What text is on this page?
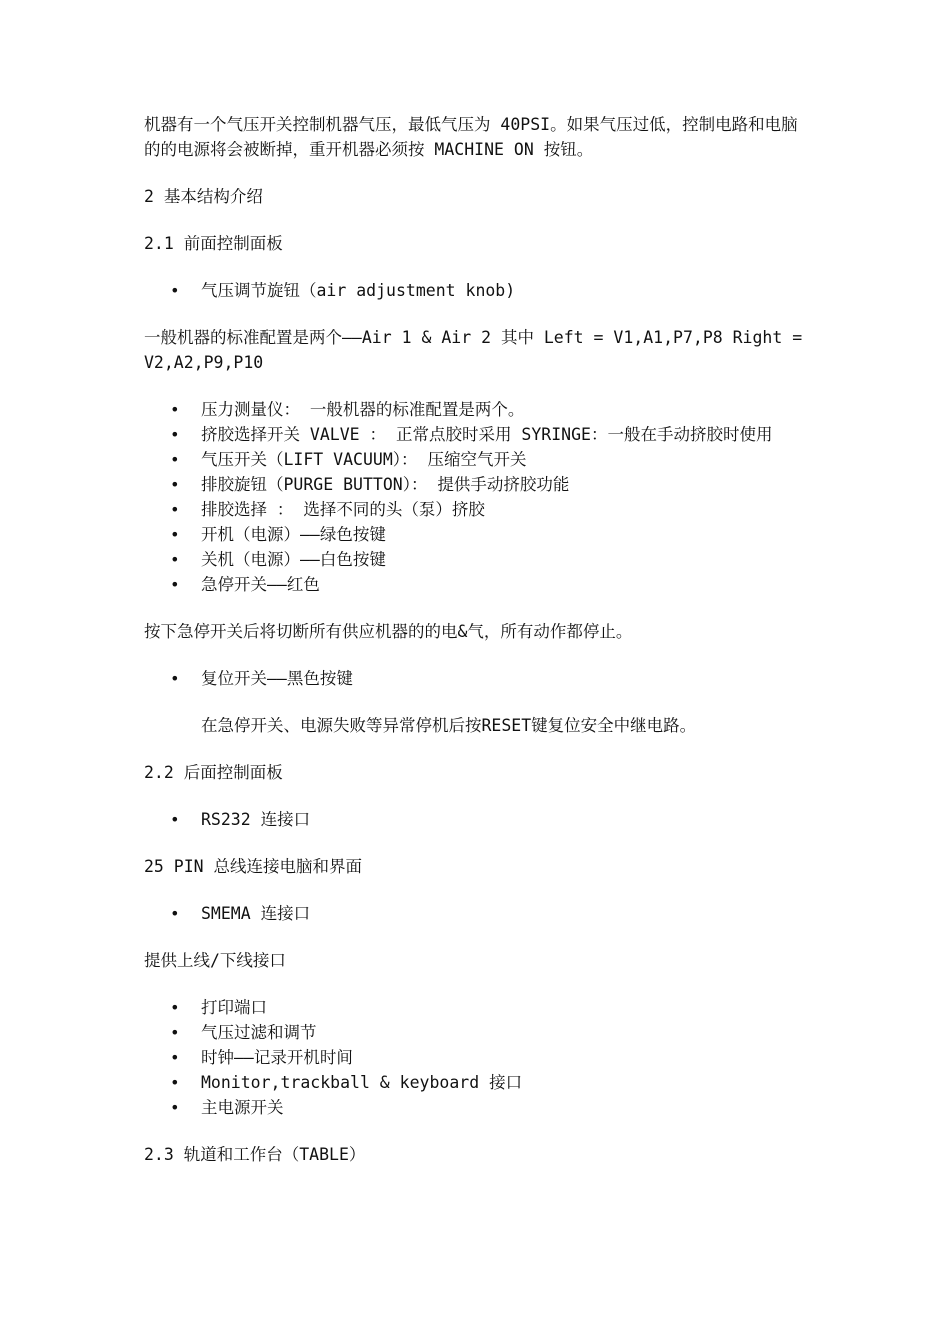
机器有一个气压开关控制机器气压，最低气压为 40PSI。如果气压过低，控制电路和电脑的的电源将会被断掉，重开机器必须按 MACHINE ON 按钮。

2 基本结构介绍

2.1 前面控制面板

• 气压调节旋钮（air adjustment knob)

一般机器的标准配置是两个——Air 1 & Air 2 其中 Left = V1,A1,P7,P8 Right = V2,A2,P9,P10

• 压力测量仪： 一般机器的标准配置是两个。
• 挤胶选择开关 VALVE ： 正常点胶时采用 SYRINGE：一般在手动挤胶时使用
• 气压开关（LIFT VACUUM）： 压缩空气开关
• 排胶旋钮（PURGE BUTTON）： 提供手动挤胶功能
• 排胶选择 ： 选择不同的头（泵）挤胶
• 开机（电源）——绿色按键
• 关机（电源）——白色按键
• 急停开关——红色

按下急停开关后将切断所有供应机器的的电&气，所有动作都停止。

• 复位开关——黑色按键

在急停开关、电源失败等异常停机后按RESET键复位安全中继电路。

2.2 后面控制面板

• RS232 连接口

25 PIN 总线连接电脑和界面

• SMEMA 连接口

提供上线/下线接口

• 打印端口
• 气压过滤和调节
• 时钟——记录开机时间
• Monitor,trackball & keyboard 接口
• 主电源开关

2.3 轨道和工作台（TABLE）
